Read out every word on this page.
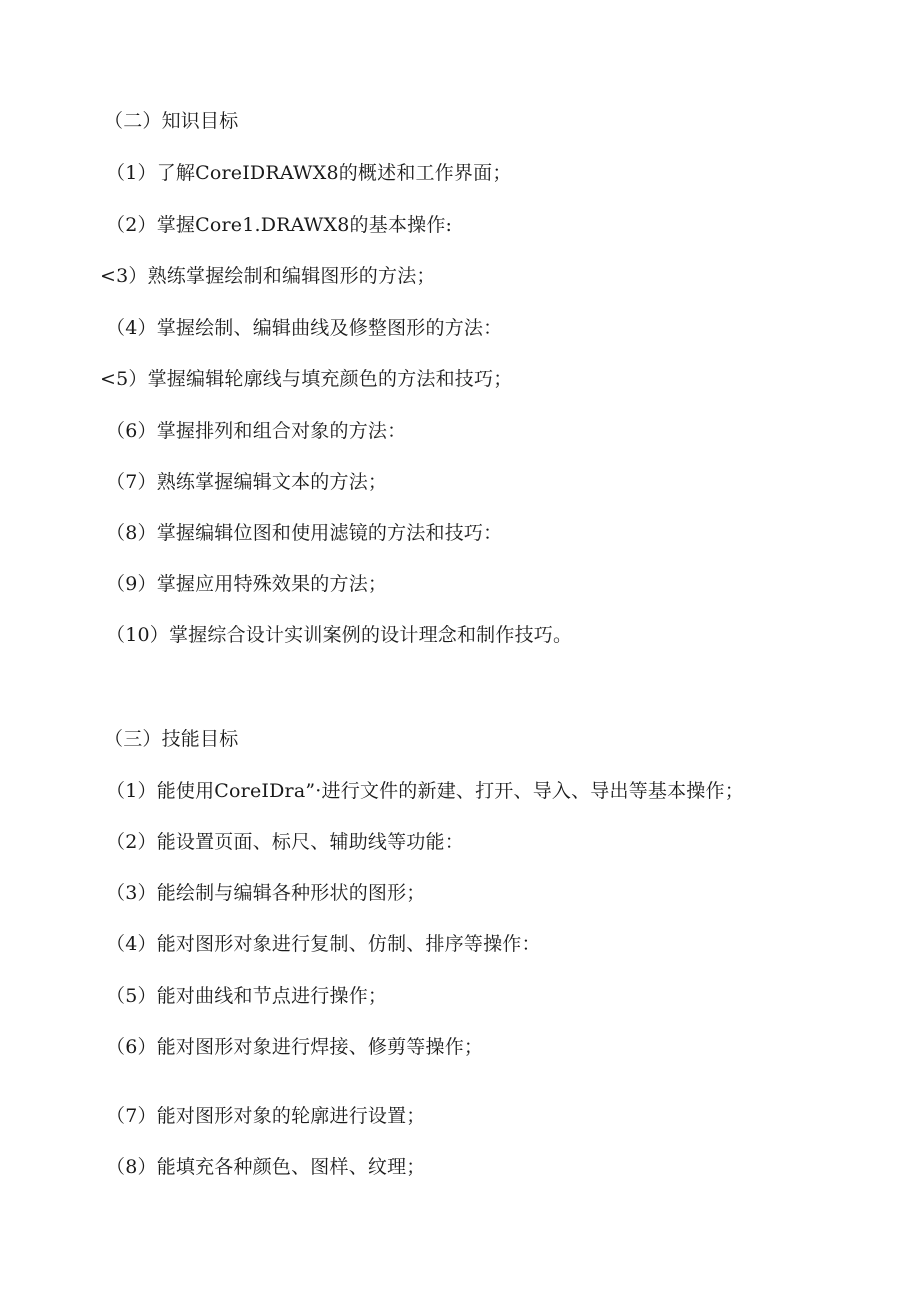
（二）知识目标
（1）了解CoreIDRAWX8的概述和工作界面；
（2）掌握Core1.DRAWX8的基本操作:
<3）熟练掌握绘制和编辑图形的方法；
（4）掌握绘制、编辑曲线及修整图形的方法：
<5）掌握编辑轮廓线与填充颜色的方法和技巧；
（6）掌握排列和组合对象的方法：
（7）熟练掌握编辑文本的方法；
（8）掌握编辑位图和使用滤镜的方法和技巧：
（9）掌握应用特殊效果的方法；
（10）掌握综合设计实训案例的设计理念和制作技巧。
（三）技能目标
（1）能使用CoreIDra”·进行文件的新建、打开、导入、导出等基本操作；
（2）能设置页面、标尺、辅助线等功能：
（3）能绘制与编辑各种形状的图形；
（4）能对图形对象进行复制、仿制、排序等操作：
（5）能对曲线和节点进行操作；
（6）能对图形对象进行焊接、修剪等操作；
（7）能对图形对象的轮廓进行设置；
（8）能填充各种颜色、图样、纹理；
